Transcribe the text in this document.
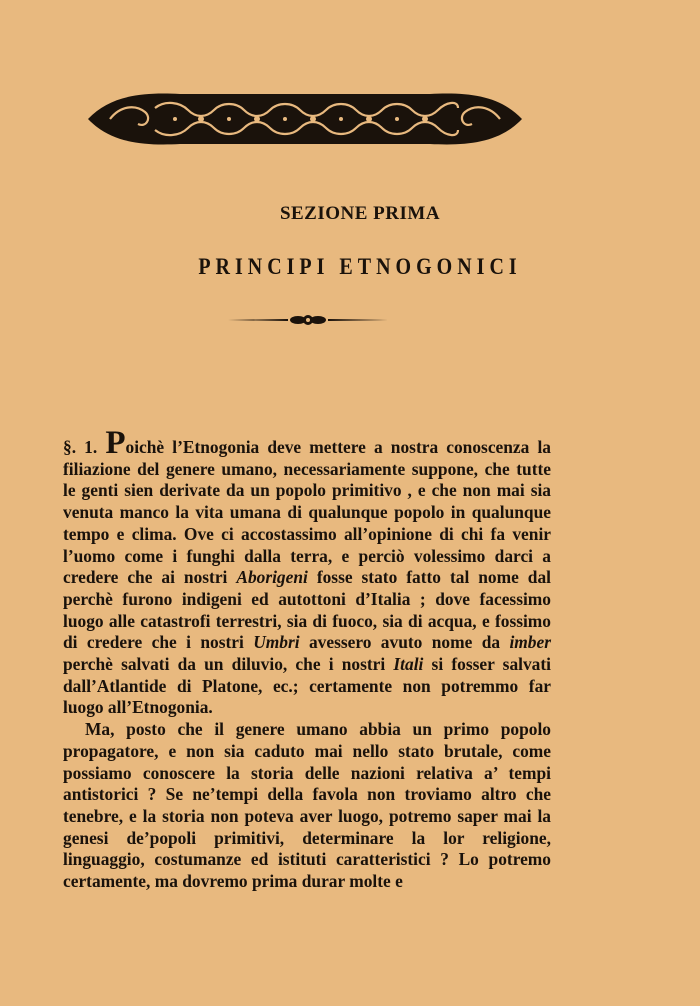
SEZIONE PRIMA
PRINCIPI ETNOGONICI

§. 1. Poichè l’Etnogonia deve mettere a nostra conoscenza la filiazione del genere umano, necessariamente suppone, che tutte le genti sien derivate da un popolo primitivo , e che non mai sia venuta manco la vita umana di qualunque popolo in qualunque tempo e clima. Ove ci accostassimo all’opinione di chi fa venir l’uomo come i funghi dalla terra, e perciò volessimo darci a credere che ai nostri Aborigeni fosse stato fatto tal nome dal perchè furono indigeni ed autottoni d’Italia ; dove facessimo luogo alle catastrofi terrestri, sia di fuoco, sia di acqua, e fossimo di credere che i nostri Umbri avessero avuto nome da imber perchè salvati da un diluvio, che i nostri Itali si fosser salvati dall’Atlantide di Platone, ec.; certamente non potremmo far luogo all’Etnogonia.

Ma, posto che il genere umano abbia un primo popolo propagatore, e non sia caduto mai nello stato brutale, come possiamo conoscere la storia delle nazioni relativa a’ tempi antistorici ? Se ne’tempi della favola non troviamo altro che tenebre, e la storia non poteva aver luogo, potremo saper mai la genesi de’popoli primitivi, determinare la lor religione, linguaggio, costumanze ed istituti caratteristici ? Lo potremo certamente, ma dovremo prima durar molte e
